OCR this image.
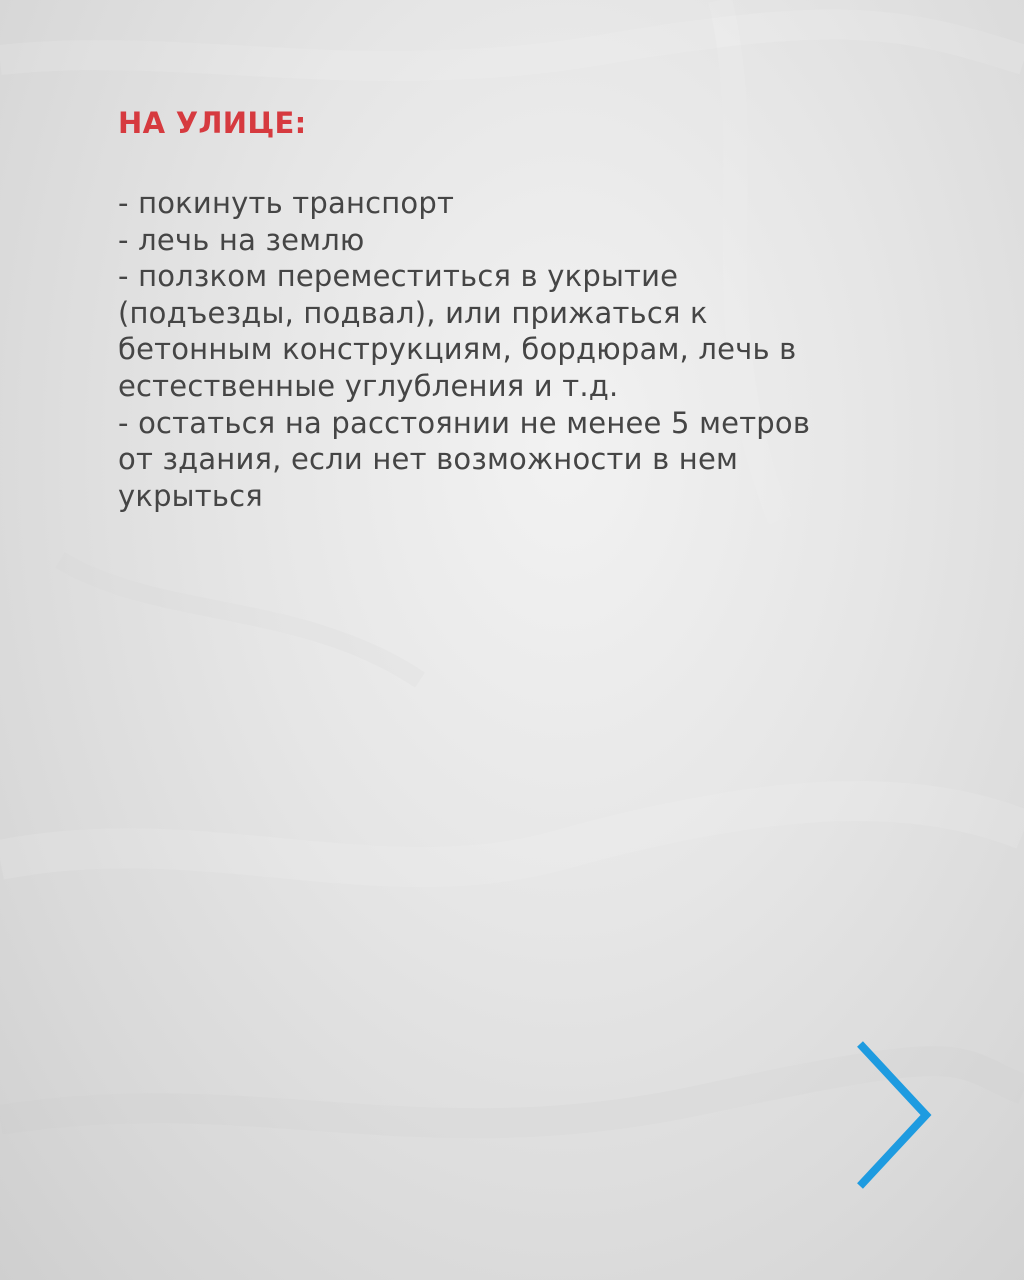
НА УЛИЦЕ:
- покинуть транспорт
- лечь на землю
- ползком переместиться в укрытие
(подъезды, подвал), или прижаться к
бетонным конструкциям, бордюрам, лечь в
естественные углубления и т.д.
- остаться на расстоянии не менее 5 метров
от здания, если нет возможности в нем
укрыться
